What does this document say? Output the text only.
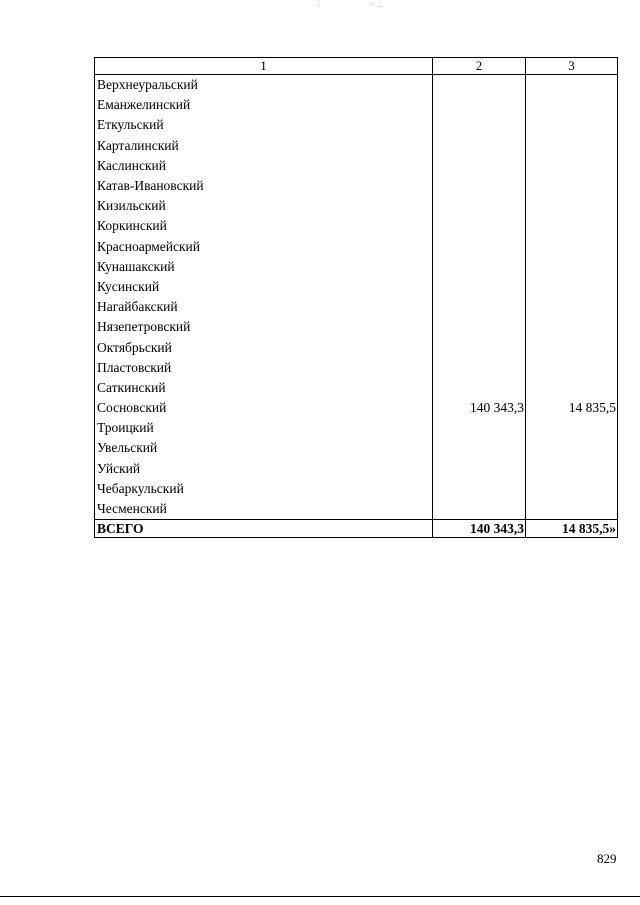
1	2	3
Верхнеуральский		
Еманжелинский		
Еткульский		
Карталинский		
Каслинский		
Катав-Ивановский		
Кизильский		
Коркинский		
Красноармейский		
Кунашакский		
Кусинский		
Нагайбакский		
Нязепетровский		
Октябрьский		
Пластовский		
Саткинский		
Сосновский	140 343,3	14 835,5
Троицкий		
Увельский		
Уйский		
Чебаркульский		
Чесменский		
ВСЕГО	140 343,3	14 835,5»
829
